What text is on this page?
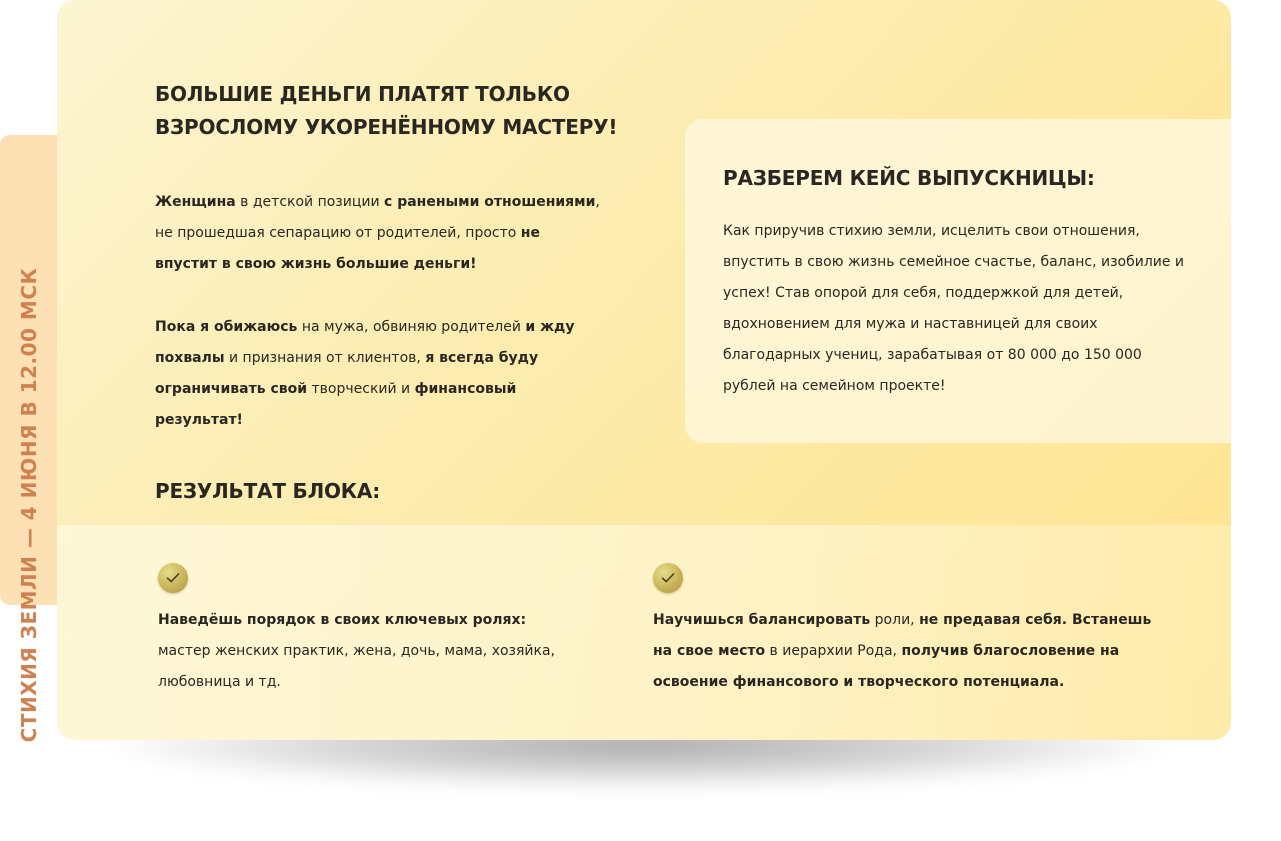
СТИХИЯ ЗЕМЛИ — 4 ИЮНЯ В 12.00 МСК
БОЛЬШИЕ ДЕНЬГИ ПЛАТЯТ ТОЛЬКО ВЗРОСЛОМУ УКОРЕНЁННОМУ МАСТЕРУ!

Женщина в детской позиции с ранеными отношениями, не прошедшая сепарацию от родителей, просто не впустит в свою жизнь большие деньги!

Пока я обижаюсь на мужа, обвиняю родителей и жду похвалы и признания от клиентов, я всегда буду ограничивать свой творческий и финансовый результат!

РАЗБЕРЕМ КЕЙС ВЫПУСКНИЦЫ:

Как приручив стихию земли, исцелить свои отношения, впустить в свою жизнь семейное счастье, баланс, изобилие и успех! Став опорой для себя, поддержкой для детей, вдохновением для мужа и наставницей для своих благодарных учениц, зарабатывая от 80 000 до 150 000 рублей на семейном проекте!

РЕЗУЛЬТАТ БЛОКА:

Наведёшь порядок в своих ключевых ролях:
мастер женских практик, жена, дочь, мама, хозяйка, любовница и тд.

Научишься балансировать роли, не предавая себя. Встанешь на свое место в иерархии Рода, получив благословение на освоение финансового и творческого потенциала.
